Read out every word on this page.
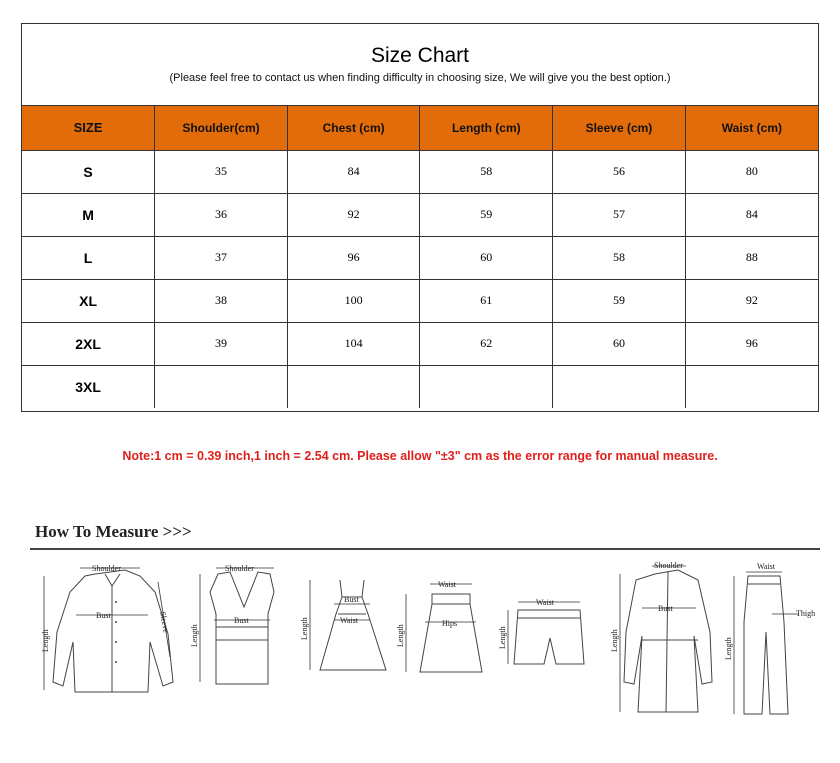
Size Chart
(Please feel free to contact us when finding difficulty in choosing size, We will give you the best option.)
SIZE	Shoulder(cm)	Chest (cm)	Length (cm)	Sleeve (cm)	Waist (cm)
S	35	84	58	56	80
M	36	92	59	57	84
L	37	96	60	58	88
XL	38	100	61	59	92
2XL	39	104	62	60	96
3XL					
Note:1 cm = 0.39 inch,1 inch = 2.54 cm. Please allow "±3" cm as the error range for manual measure.
How To Measure >>>
Shoulder
Bust	Sleeve
Length
Shoulder
Bust
Length
Bust
Waist
Length
Waist
Hips
Length
Waist
Length
Shoulder
Bust
Length
Waist
Thigh
Length
